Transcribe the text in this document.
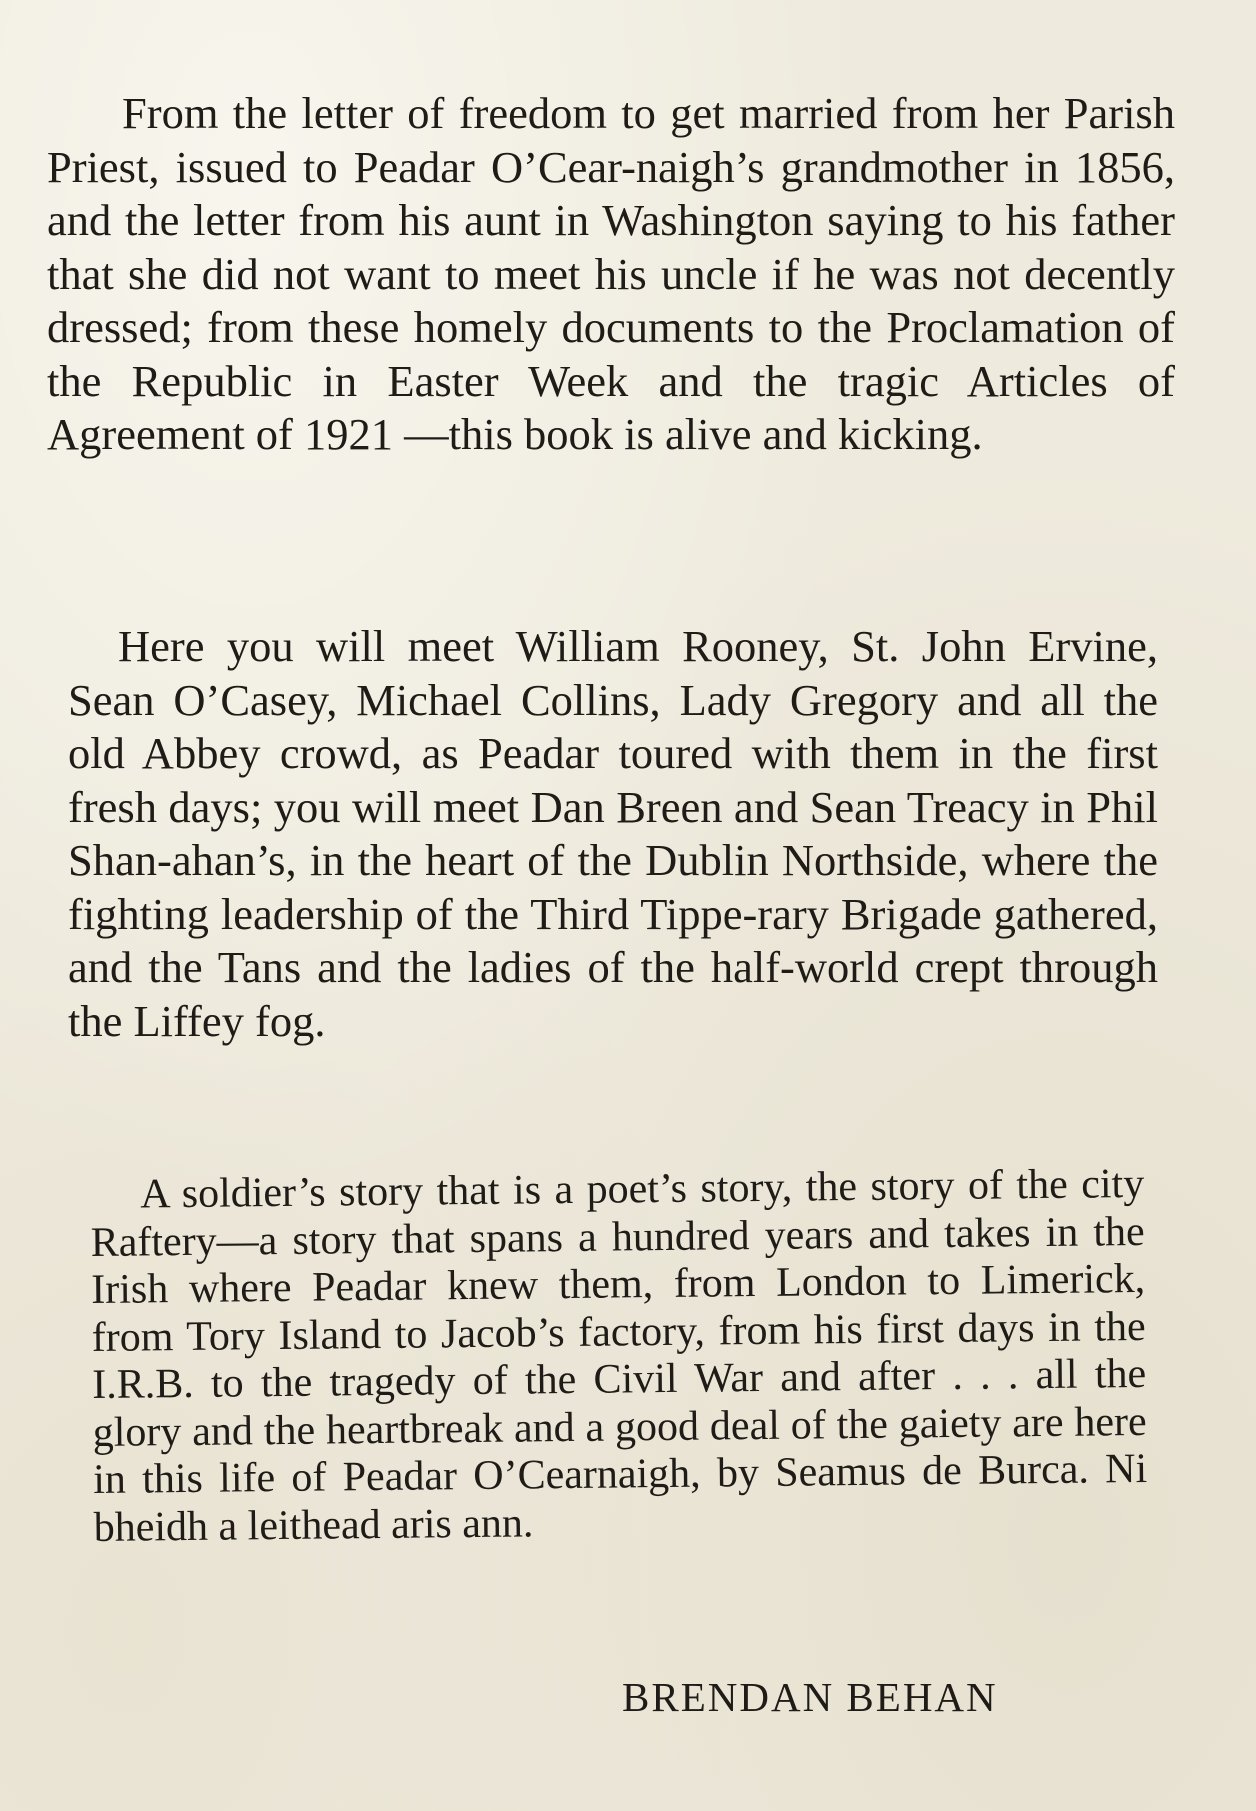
From the letter of freedom to get married from her Parish Priest, issued to Peadar O’Cear-naigh’s grandmother in 1856, and the letter from his aunt in Washington saying to his father that she did not want to meet his uncle if he was not decently dressed; from these homely documents to the Proclamation of the Republic in Easter Week and the tragic Articles of Agreement of 1921 —this book is alive and kicking.

Here you will meet William Rooney, St. John Ervine, Sean O’Casey, Michael Collins, Lady Gregory and all the old Abbey crowd, as Peadar toured with them in the first fresh days; you will meet Dan Breen and Sean Treacy in Phil Shan-ahan’s, in the heart of the Dublin Northside, where the fighting leadership of the Third Tippe-rary Brigade gathered, and the Tans and the ladies of the half-world crept through the Liffey fog.

A soldier’s story that is a poet’s story, the story of the city Raftery—a story that spans a hundred years and takes in the Irish where Peadar knew them, from London to Limerick, from Tory Island to Jacob’s factory, from his first days in the I.R.B. to the tragedy of the Civil War and after . . . all the glory and the heartbreak and a good deal of the gaiety are here in this life of Peadar O’Cearnaigh, by Seamus de Burca. Ni bheidh a leithead aris ann.

BRENDAN BEHAN
